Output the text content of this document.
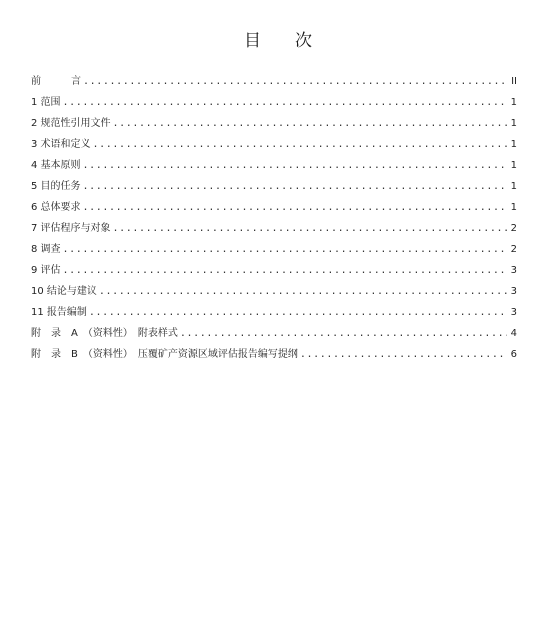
目 次
前　　　言 .....	II
1 范围 .....	1
2 规范性引用文件 .....	1
3 术语和定义 .....	1
4 基本原则 .....	1
5 目的任务 .....	1
6 总体要求 .....	1
7 评估程序与对象 .....	2
8 调查 .....	2
9 评估 .....	3
10 结论与建议 .....	3
11 报告编制 .....	3
附　录　A　（资料性）　附表样式 .....	4
附　录　B　（资料性）　压覆矿产资源区域评估报告编写提纲 .....	6
